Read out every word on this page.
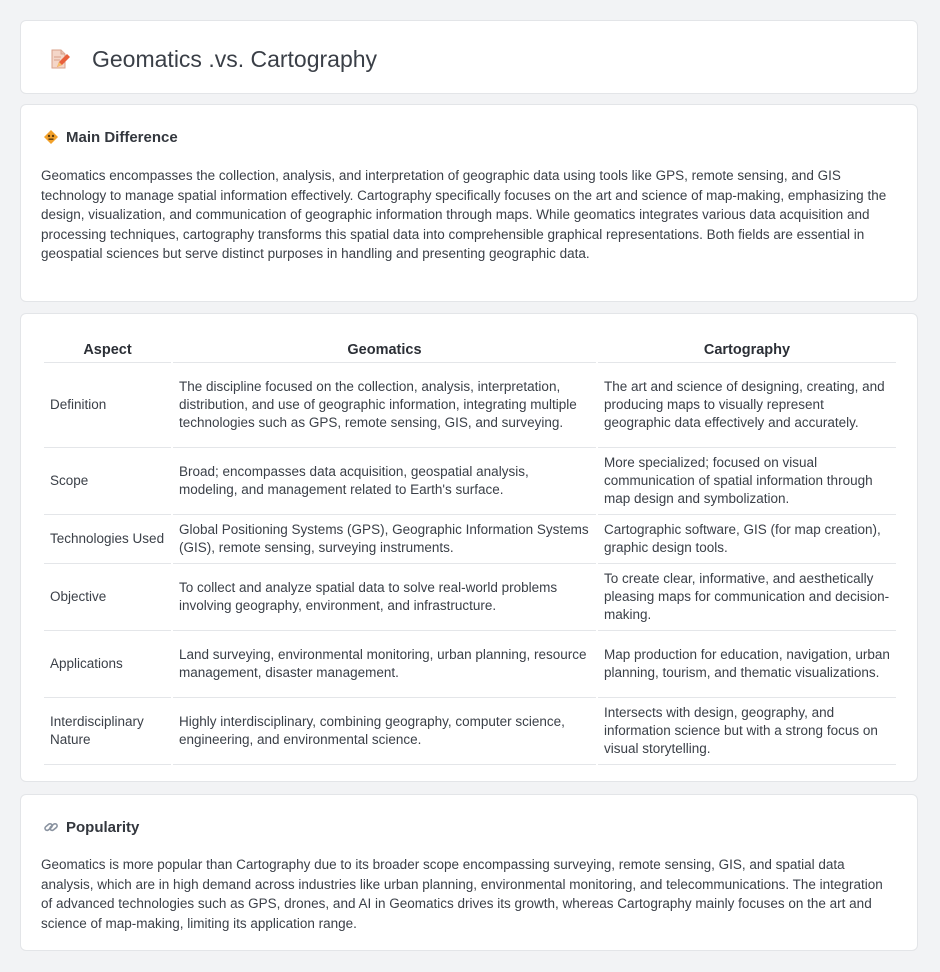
Geomatics .vs. Cartography
Main Difference
Geomatics encompasses the collection, analysis, and interpretation of geographic data using tools like GPS, remote sensing, and GIS technology to manage spatial information effectively. Cartography specifically focuses on the art and science of map-making, emphasizing the design, visualization, and communication of geographic information through maps. While geomatics integrates various data acquisition and processing techniques, cartography transforms this spatial data into comprehensible graphical representations. Both fields are essential in geospatial sciences but serve distinct purposes in handling and presenting geographic data.
Aspect	Geomatics	Cartography
Definition	The discipline focused on the collection, analysis, interpretation, distribution, and use of geographic information, integrating multiple technologies such as GPS, remote sensing, GIS, and surveying.	The art and science of designing, creating, and producing maps to visually represent geographic data effectively and accurately.
Scope	Broad; encompasses data acquisition, geospatial analysis, modeling, and management related to Earth's surface.	More specialized; focused on visual communication of spatial information through map design and symbolization.
Technologies Used	Global Positioning Systems (GPS), Geographic Information Systems (GIS), remote sensing, surveying instruments.	Cartographic software, GIS (for map creation), graphic design tools.
Objective	To collect and analyze spatial data to solve real-world problems involving geography, environment, and infrastructure.	To create clear, informative, and aesthetically pleasing maps for communication and decision-making.
Applications	Land surveying, environmental monitoring, urban planning, resource management, disaster management.	Map production for education, navigation, urban planning, tourism, and thematic visualizations.
Interdisciplinary Nature	Highly interdisciplinary, combining geography, computer science, engineering, and environmental science.	Intersects with design, geography, and information science but with a strong focus on visual storytelling.
Popularity
Geomatics is more popular than Cartography due to its broader scope encompassing surveying, remote sensing, GIS, and spatial data analysis, which are in high demand across industries like urban planning, environmental monitoring, and telecommunications. The integration of advanced technologies such as GPS, drones, and AI in Geomatics drives its growth, whereas Cartography mainly focuses on the art and science of map-making, limiting its application range.
